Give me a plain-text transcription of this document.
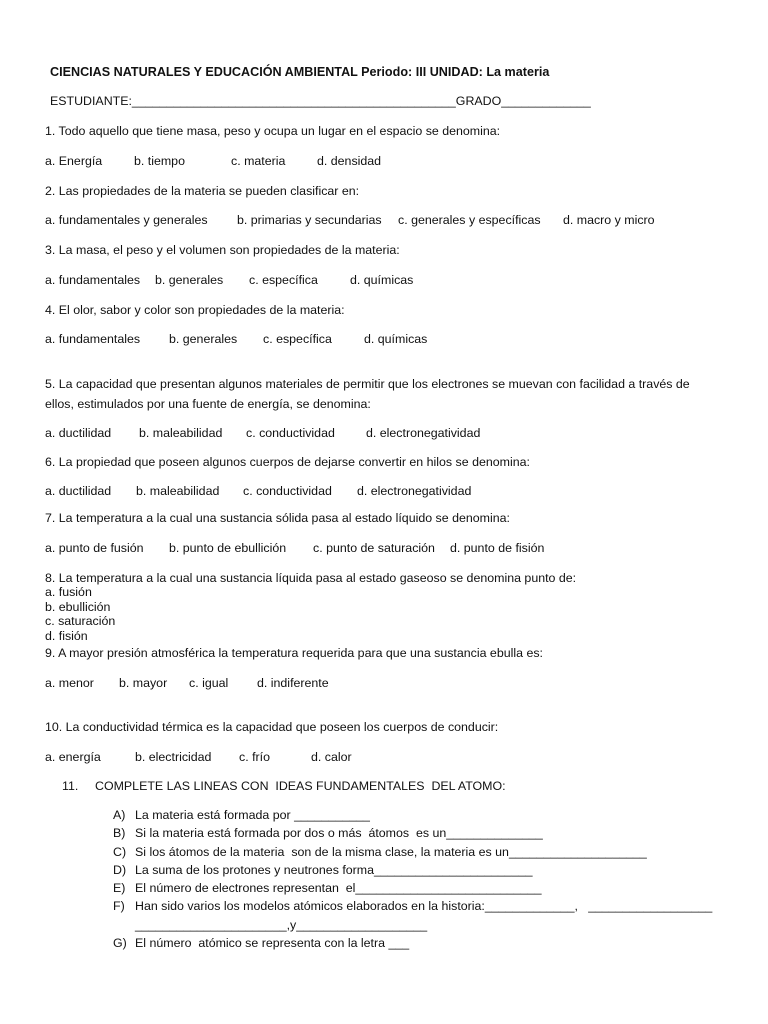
CIENCIAS NATURALES Y EDUCACIÓN AMBIENTAL Periodo: III UNIDAD: La materia
ESTUDIANTE:_______________________________________________GRADO_____________
1. Todo aquello que tiene masa, peso y ocupa un lugar en el espacio se denomina:
a. Energía	b. tiempo	c. materia	d. densidad
2. Las propiedades de la materia se pueden clasificar en:
a. fundamentales y generales b. primarias y secundarias c. generales y específicas d. macro y micro
3. La masa, el peso y el volumen son propiedades de la materia:
a. fundamentales b. generales c. específica	d. químicas
4. El olor, sabor y color son propiedades de la materia:
a. fundamentales b. generales c. específica	d. químicas
5. La capacidad que presentan algunos materiales de permitir que los electrones se muevan con facilidad a través de
ellos, estimulados por una fuente de energía, se denomina:
a. ductilidad b. maleabilidad c. conductividad	d. electronegatividad
6. La propiedad que poseen algunos cuerpos de dejarse convertir en hilos se denomina:
a. ductilidad b. maleabilidad c. conductividad d. electronegatividad
7. La temperatura a la cual una sustancia sólida pasa al estado líquido se denomina:
a. punto de fusión b. punto de ebullición c. punto de saturación d. punto de fisión
8. La temperatura a la cual una sustancia líquida pasa al estado gaseoso se denomina punto de:
a. fusión
b. ebullición
c. saturación
d. fisión
9. A mayor presión atmosférica la temperatura requerida para que una sustancia ebulla es:
a. menor b. mayor c. igual d. indiferente
10. La conductividad térmica es la capacidad que poseen los cuerpos de conducir:
a. energía	b. electricidad c. frío	d. calor
11. COMPLETE LAS LINEAS CON  IDEAS FUNDAMENTALES  DEL ATOMO:
A) La materia está formada por ___________
B) Si la materia está formada por dos o más  átomos  es un______________
C) Si los átomos de la materia  son de la misma clase, la materia es un____________________
D) La suma de los protones y neutrones forma_______________________
E) El número de electrones representan  el___________________________
F) Han sido varios los modelos atómicos elaborados en la historia:_____________,   __________________
______________________,y___________________
G) El número  atómico se representa con la letra ___
